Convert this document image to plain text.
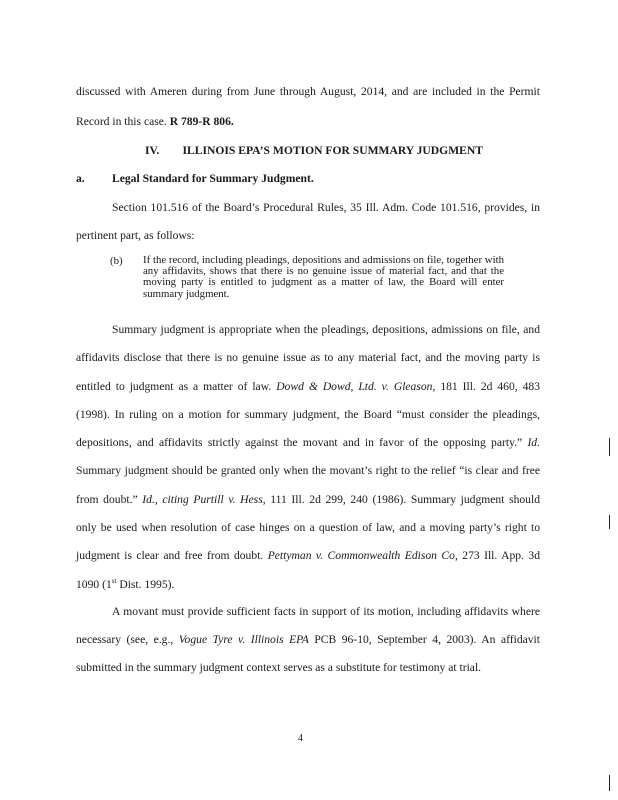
discussed with Ameren during from June through August, 2014, and are included in the Permit
Record in this case. R 789-R 806.
IV.        ILLINOIS EPA’S MOTION FOR SUMMARY JUDGMENT
a. Legal Standard for Summary Judgment.
Section 101.516 of the Board’s Procedural Rules, 35 Ill. Adm. Code 101.516, provides, in
pertinent part, as follows:
(b) If the record, including pleadings, depositions and admissions on file, together with any affidavits, shows that there is no genuine issue of material fact, and that the moving party is entitled to judgment as a matter of law, the Board will enter summary judgment.
Summary judgment is appropriate when the pleadings, depositions, admissions on file, and
affidavits disclose that there is no genuine issue as to any material fact, and the moving party is
entitled to judgment as a matter of law. Dowd & Dowd, Ltd. v. Gleason, 181 Ill. 2d 460, 483
(1998). In ruling on a motion for summary judgment, the Board “must consider the pleadings,
depositions, and affidavits strictly against the movant and in favor of the opposing party.” Id.
Summary judgment should be granted only when the movant’s right to the relief “is clear and free
from doubt.” Id., citing Purtill v. Hess, 111 Ill. 2d 299, 240 (1986). Summary judgment should
only be used when resolution of case hinges on a question of law, and a moving party’s right to
judgment is clear and free from doubt. Pettyman v. Commonwealth Edison Co, 273 Ill. App. 3d
1090 (1st Dist. 1995).
A movant must provide sufficient facts in support of its motion, including affidavits where
necessary (see, e.g., Vogue Tyre v. Illinois EPA PCB 96-10, September 4, 2003). An affidavit
submitted in the summary judgment context serves as a substitute for testimony at trial.
4
